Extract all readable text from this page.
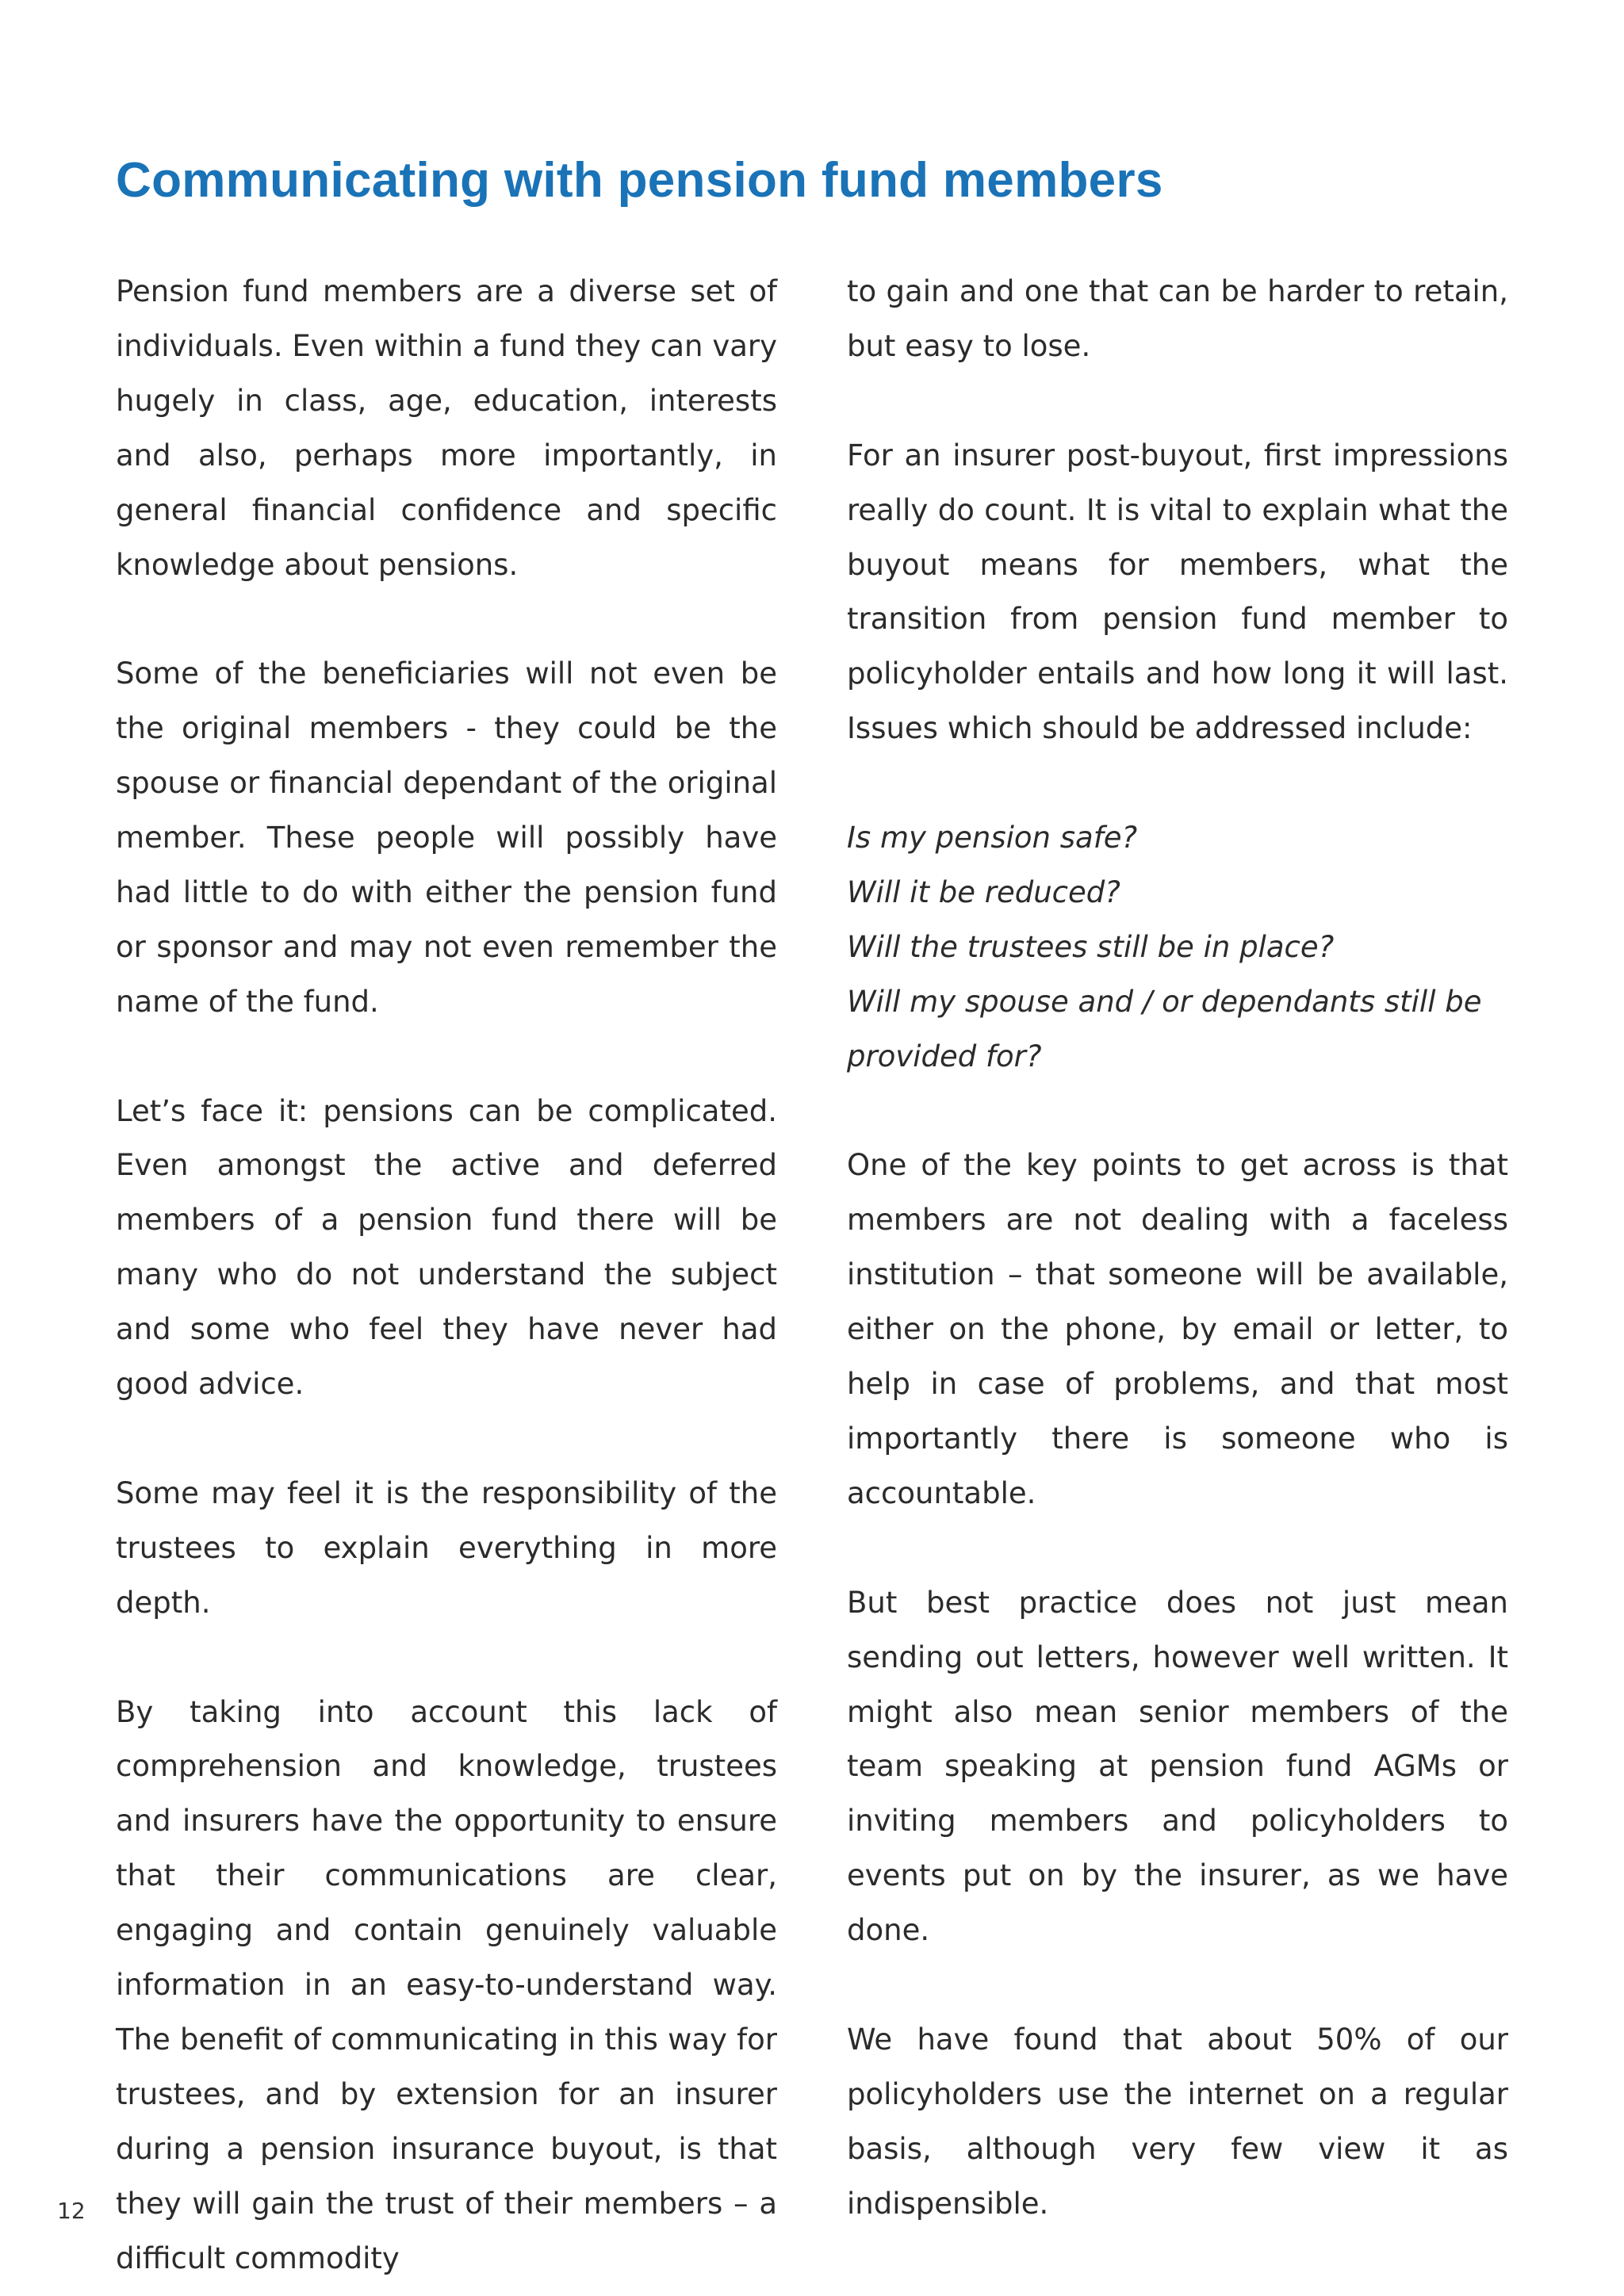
Communicating with pension fund members

Pension fund members are a diverse set of individuals. Even within a fund they can vary hugely in class, age, education, interests and also, perhaps more importantly, in general financial confidence and specific knowledge about pensions.

Some of the beneficiaries will not even be the original members - they could be the spouse or financial dependant of the original member. These people will possibly have had little to do with either the pension fund or sponsor and may not even remember the name of the fund.

Let’s face it: pensions can be complicated. Even amongst the active and deferred members of a pension fund there will be many who do not understand the subject and some who feel they have never had good advice.

Some may feel it is the responsibility of the trustees to explain everything in more depth.

By taking into account this lack of comprehension and knowledge, trustees and insurers have the opportunity to ensure that their communications are clear, engaging and contain genuinely valuable information in an easy-to-understand way. The benefit of communicating in this way for trustees, and by extension for an insurer during a pension insurance buyout, is that they will gain the trust of their members – a difficult commodity

to gain and one that can be harder to retain, but easy to lose.

For an insurer post-buyout, first impressions really do count. It is vital to explain what the buyout means for members, what the transition from pension fund member to policyholder entails and how long it will last. Issues which should be addressed include:

Is my pension safe?
Will it be reduced?
Will the trustees still be in place?
Will my spouse and / or dependants still be provided for?

One of the key points to get across is that members are not dealing with a faceless institution – that someone will be available, either on the phone, by email or letter, to help in case of problems, and that most importantly there is someone who is accountable.

But best practice does not just mean sending out letters, however well written. It might also mean senior members of the team speaking at pension fund AGMs or inviting members and policyholders to events put on by the insurer, as we have done.

We have found that about 50% of our policyholders use the internet on a regular basis, although very few view it as indispensible.

12
